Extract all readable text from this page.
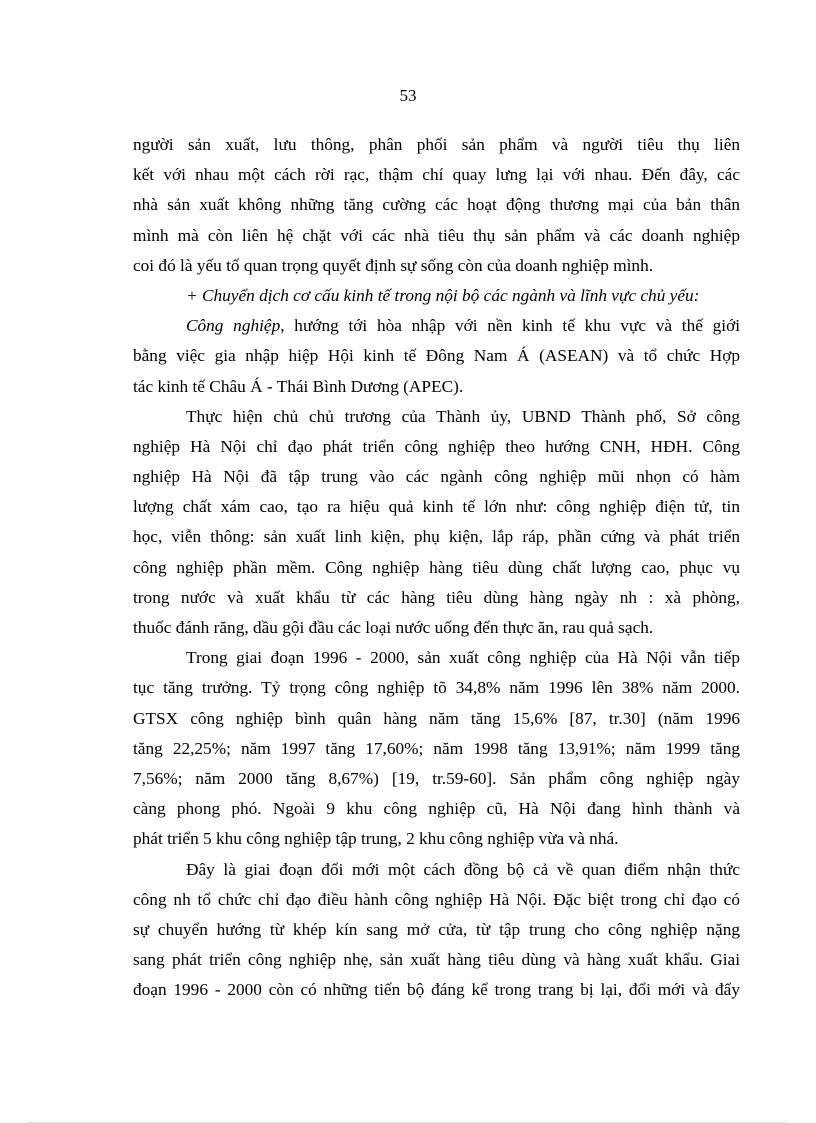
53
người sản xuất, lưu thông, phân phối sản phẩm và người tiêu thụ liên
kết với nhau một cách rời rạc, thậm chí quay lưng lại với nhau. Đến đây, các
nhà sản xuất không những tăng cường các hoạt động thương mại của bản thân
mình mà còn liên hệ chặt với các nhà tiêu thụ sản phẩm và các doanh nghiệp
coi đó là yếu tố quan trọng quyết định sự sống còn của doanh nghiệp mình.
+ Chuyển dịch cơ cấu kinh tế trong nội bộ các ngành và lĩnh vực chủ yếu:
Công nghiệp, hướng tới hòa nhập với nền kinh tế khu vực và thế giới
bằng việc gia nhập hiệp Hội kinh tế Đông Nam Á (ASEAN) và tổ chức Hợp
tác kinh tế Châu Á - Thái Bình Dương (APEC).
Thực hiện chủ chủ trương của Thành ủy, UBND Thành phố, Sở công
nghiệp Hà Nội chỉ đạo phát triển công nghiệp theo hướng CNH, HĐH. Công
nghiệp Hà Nội đã tập trung vào các ngành công nghiệp mũi nhọn có hàm
lượng chất xám cao, tạo ra hiệu quả kinh tế lớn như: công nghiệp điện tử, tin
học, viễn thông: sản xuất linh kiện, phụ kiện, lắp ráp, phần cứng và phát triển
công nghiệp phần mềm. Công nghiệp hàng tiêu dùng chất lượng cao, phục vụ
trong nước và xuất khẩu từ các hàng tiêu dùng hàng ngày nh : xà phòng,
thuốc đánh răng, dầu gội đầu các loại nước uống đến thực ăn, rau quả sạch.
Trong giai đoạn 1996 - 2000, sản xuất công nghiệp của Hà Nội vẫn tiếp
tục tăng trưởng. Tỷ trọng công nghiệp tõ 34,8% năm 1996 lên 38% năm 2000.
GTSX công nghiệp bình quân hàng năm tăng 15,6% [87, tr.30] (năm 1996
tăng 22,25%; năm 1997 tăng 17,60%; năm 1998 tăng 13,91%; năm 1999 tăng
7,56%; năm 2000 tăng 8,67%) [19, tr.59-60]. Sản phẩm công nghiệp ngày
càng phong phó. Ngoài 9 khu công nghiệp cũ, Hà Nội đang hình thành và
phát triển 5 khu công nghiệp tập trung, 2 khu công nghiệp vừa và nhá.
Đây là giai đoạn đổi mới một cách đồng bộ cả về quan điểm nhận thức
công nh tổ chức chỉ đạo điều hành công nghiệp Hà Nội. Đặc biệt trong chỉ đạo có
sự chuyển hướng từ khép kín sang mở cửa, từ tập trung cho công nghiệp nặng
sang phát triển công nghiệp nhẹ, sản xuất hàng tiêu dùng và hàng xuất khẩu. Giai
đoạn 1996 - 2000 còn có những tiến bộ đáng kể trong trang bị lại, đổi mới và đẩy
